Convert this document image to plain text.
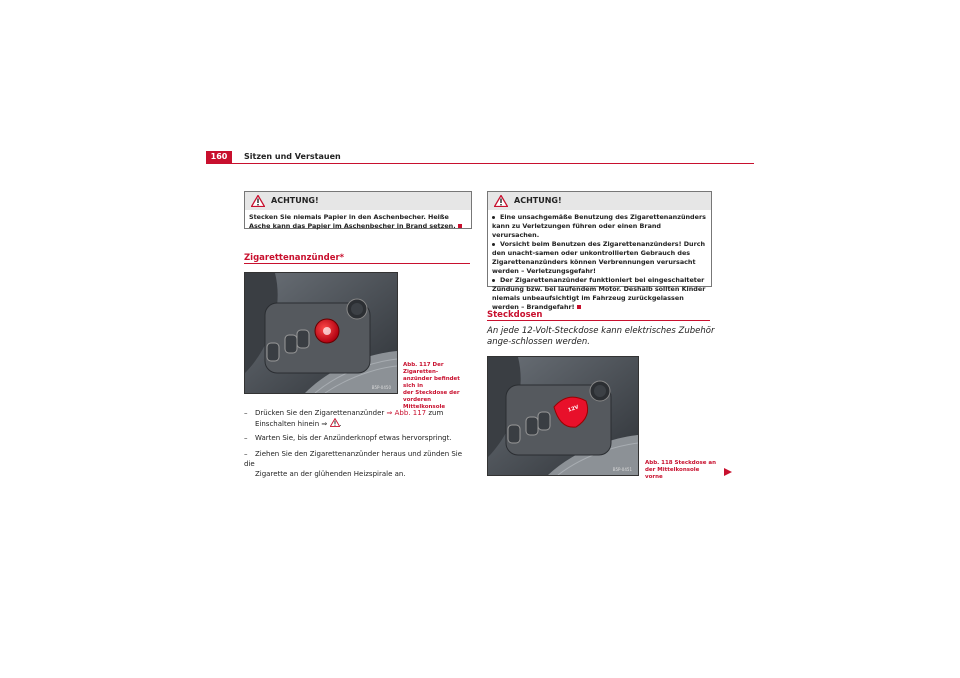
160	Sitzen und Verstauen
ACHTUNG!
Stecken Sie niemals Papier in den Aschenbecher. Heiße Asche kann das Papier im Aschenbecher in Brand setzen.
Zigarettenanzünder*
B5P-0450
Abb. 117 Der Zigaretten-
anzünder befindet sich in
der Steckdose der
vorderen Mittelkonsole
– Drücken Sie den Zigarettenanzünder ⇒ Abb. 117 zum
Einschalten hinein ⇒ .
– Warten Sie, bis der Anzünderknopf etwas hervorspringt.
– Ziehen Sie den Zigarettenanzünder heraus und zünden Sie die
Zigarette an der glühenden Heizspirale an.
ACHTUNG!
Eine unsachgemäße Benutzung des Zigarettenanzünders kann zu Verletzungen führen oder einen Brand verursachen.
Vorsicht beim Benutzen des Zigarettenanzünders! Durch den unacht-samen oder unkontrollierten Gebrauch des Zigarettenanzünders können Verbrennungen verursacht werden – Verletzungsgefahr!
Der Zigarettenanzünder funktioniert bei eingeschalteter Zündung bzw. bei laufendem Motor. Deshalb sollten Kinder niemals unbeaufsichtigt im Fahrzeug zurückgelassen werden – Brandgefahr!
Steckdosen
An jede 12-Volt-Steckdose kann elektrisches Zubehör ange-schlossen werden.
12V
B5P-0451
Abb. 118 Steckdose an
der Mittelkonsole vorne
